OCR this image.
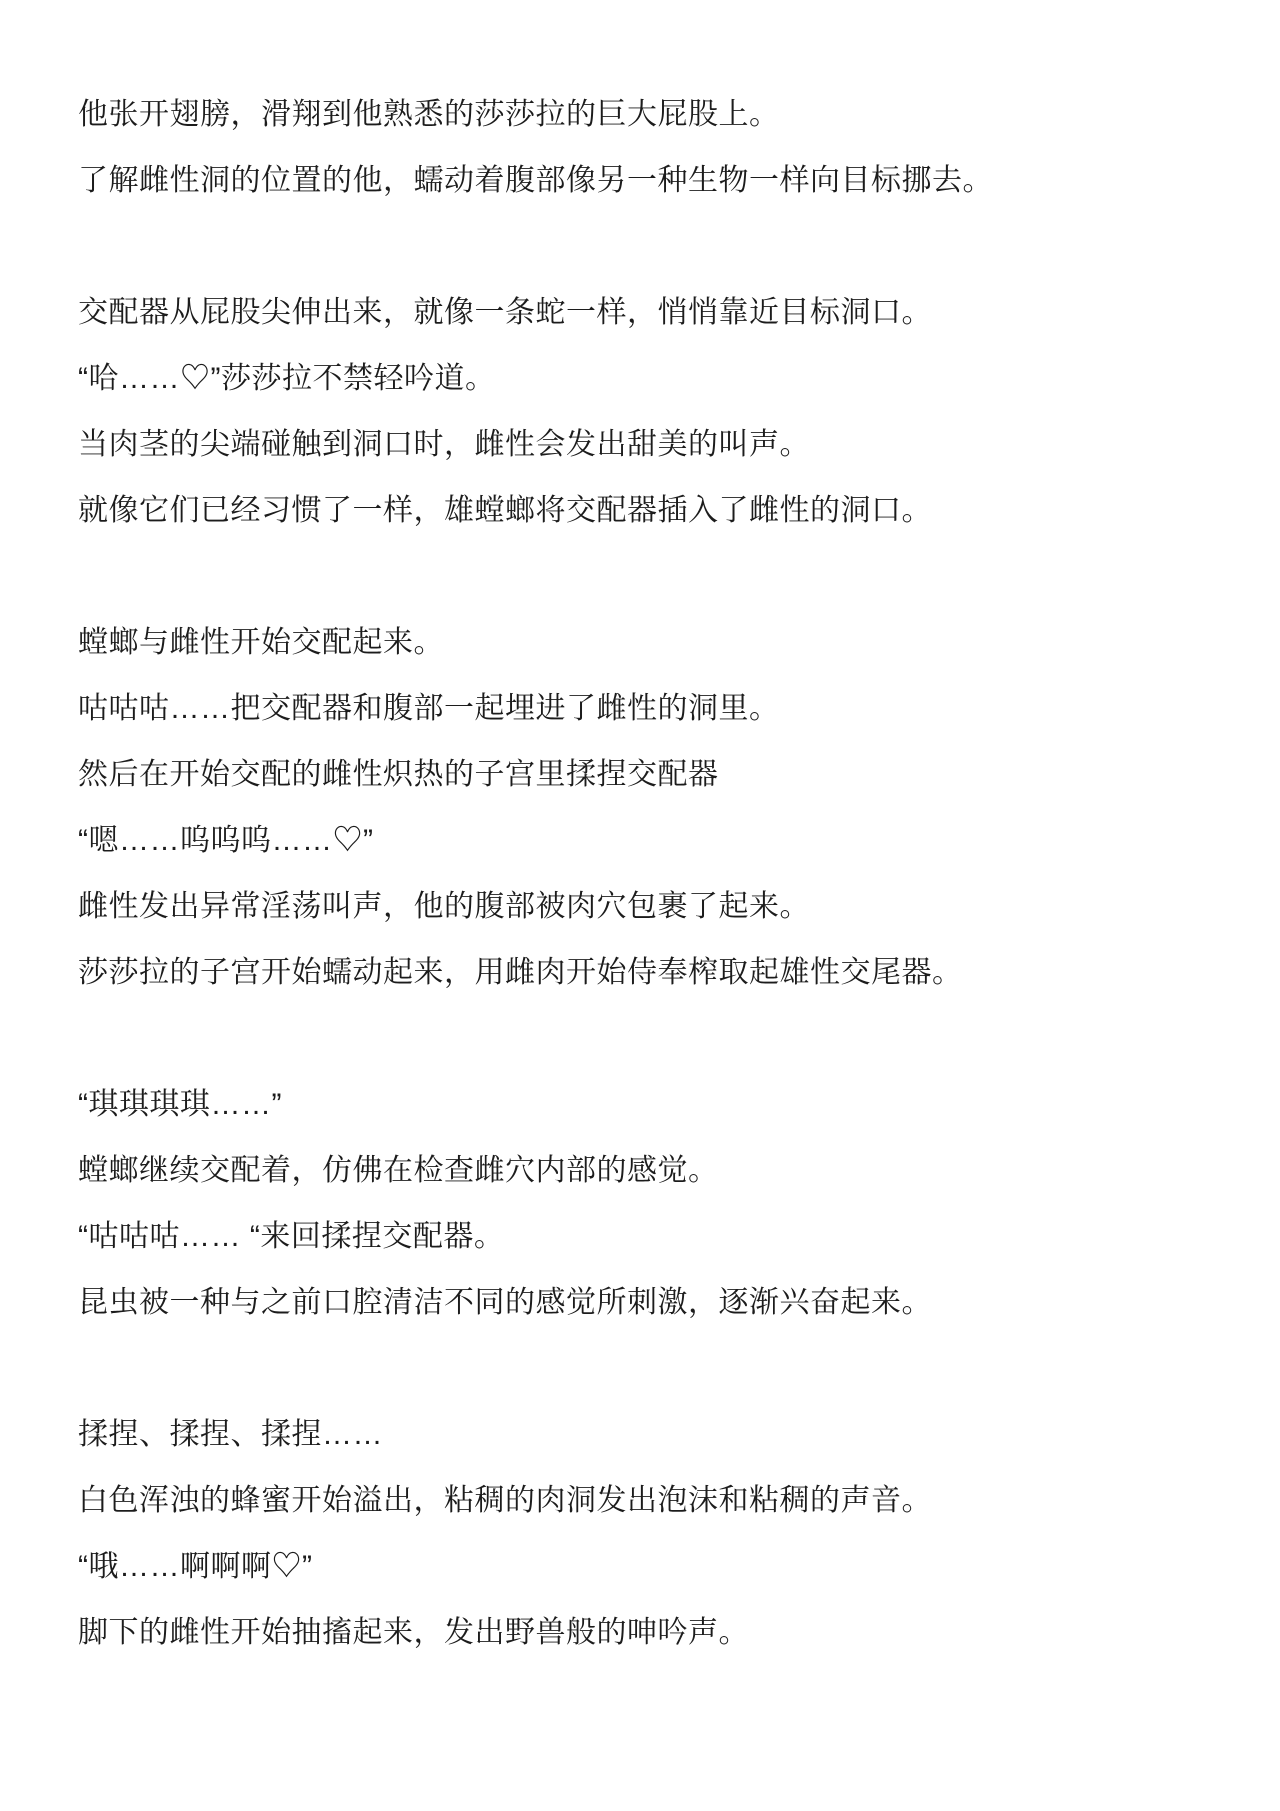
他张开翅膀，滑翔到他熟悉的莎莎拉的巨大屁股上。

了解雌性洞的位置的他，蠕动着腹部像另一种生物一样向目标挪去。

交配器从屁股尖伸出来，就像一条蛇一样，悄悄靠近目标洞口。

“哈……♡”莎莎拉不禁轻吟道。

当肉茎的尖端碰触到洞口时，雌性会发出甜美的叫声。

就像它们已经习惯了一样，雄螳螂将交配器插入了雌性的洞口。

螳螂与雌性开始交配起来。

咕咕咕……把交配器和腹部一起埋进了雌性的洞里。

然后在开始交配的雌性炽热的子宫里揉捏交配器

“嗯……呜呜呜……♡”

雌性发出异常淫荡叫声，他的腹部被肉穴包裹了起来。

莎莎拉的子宫开始蠕动起来，用雌肉开始侍奉榨取起雄性交尾器。

“琪琪琪琪……”

螳螂继续交配着，仿佛在检查雌穴内部的感觉。

“咕咕咕…… “来回揉捏交配器。

昆虫被一种与之前口腔清洁不同的感觉所刺激，逐渐兴奋起来。

揉捏、揉捏、揉捏……

白色浑浊的蜂蜜开始溢出，粘稠的肉洞发出泡沫和粘稠的声音。

“哦……啊啊啊♡”

脚下的雌性开始抽搐起来，发出野兽般的呻吟声。
